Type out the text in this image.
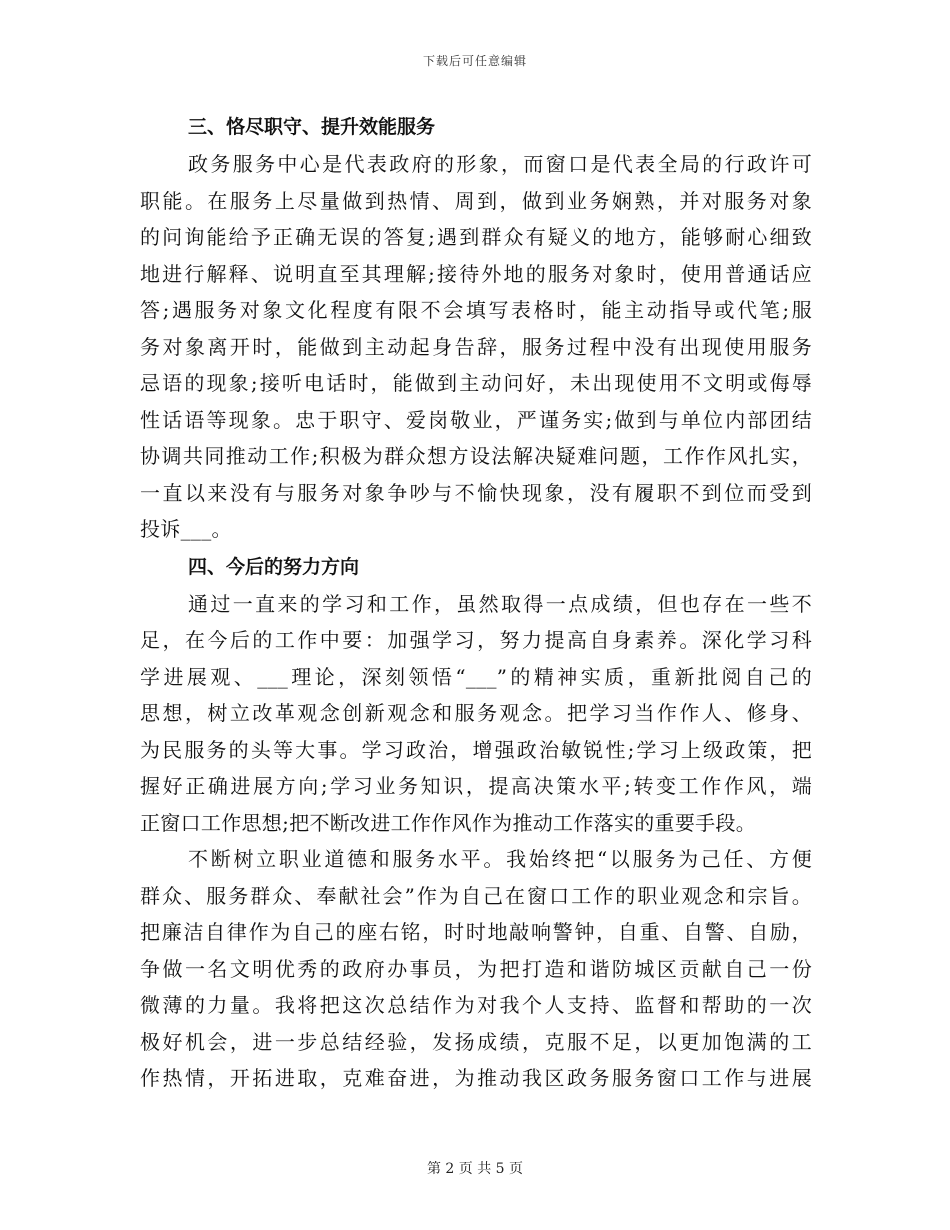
下载后可任意编辑
三、恪尽职守、提升效能服务
政务服务中心是代表政府的形象，而窗口是代表全局的行政许可
职能。在服务上尽量做到热情、周到，做到业务娴熟，并对服务对象
的问询能给予正确无误的答复;遇到群众有疑义的地方，能够耐心细致
地进行解释、说明直至其理解;接待外地的服务对象时，使用普通话应
答;遇服务对象文化程度有限不会填写表格时，能主动指导或代笔;服
务对象离开时，能做到主动起身告辞，服务过程中没有出现使用服务
忌语的现象;接听电话时，能做到主动问好，未出现使用不文明或侮辱
性话语等现象。忠于职守、爱岗敬业，严谨务实;做到与单位内部团结
协调共同推动工作;积极为群众想方设法解决疑难问题，工作作风扎实，
一直以来没有与服务对象争吵与不愉快现象，没有履职不到位而受到
投诉___。
四、今后的努力方向
通过一直来的学习和工作，虽然取得一点成绩，但也存在一些不
足，在今后的工作中要：加强学习，努力提高自身素养。深化学习科
学进展观、___理论，深刻领悟“___”的精神实质，重新批阅自己的
思想，树立改革观念创新观念和服务观念。把学习当作作人、修身、
为民服务的头等大事。学习政治，增强政治敏锐性;学习上级政策，把
握好正确进展方向;学习业务知识，提高决策水平;转变工作作风，端
正窗口工作思想;把不断改进工作作风作为推动工作落实的重要手段。
不断树立职业道德和服务水平。我始终把“以服务为己任、方便
群众、服务群众、奉献社会”作为自己在窗口工作的职业观念和宗旨。
把廉洁自律作为自己的座右铭，时时地敲响警钟，自重、自警、自励，
争做一名文明优秀的政府办事员，为把打造和谐防城区贡献自己一份
微薄的力量。我将把这次总结作为对我个人支持、监督和帮助的一次
极好机会，进一步总结经验，发扬成绩，克服不足，以更加饱满的工
作热情，开拓进取，克难奋进，为推动我区政务服务窗口工作与进展
第 2 页 共 5 页
